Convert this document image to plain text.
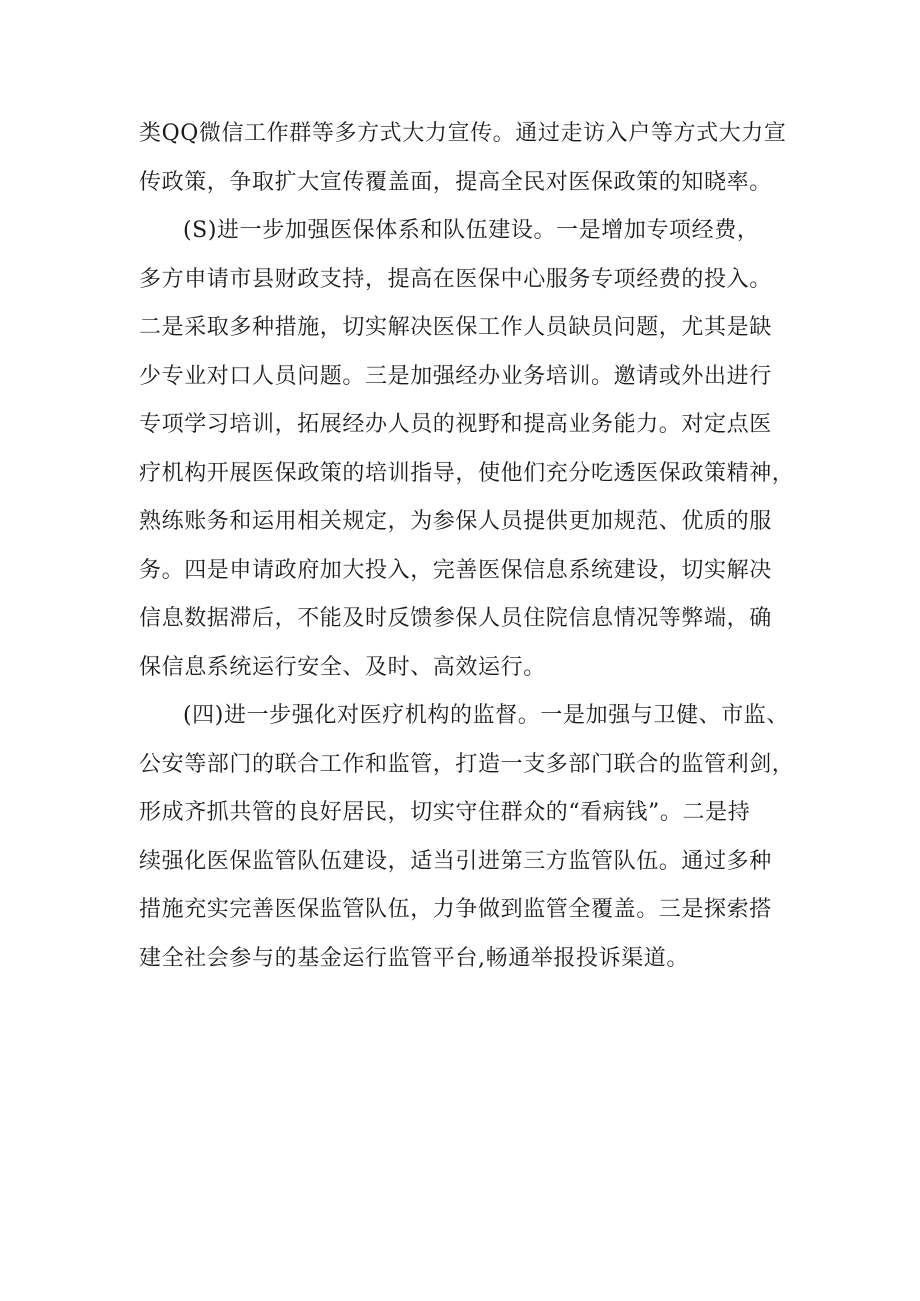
类QQ微信工作群等多方式大力宣传。通过走访入户等方式大力宣
传政策，争取扩大宣传覆盖面，提高全民对医保政策的知晓率。
(S)进一步加强医保体系和队伍建设。一是增加专项经费，
多方申请市县财政支持，提高在医保中心服务专项经费的投入。
二是采取多种措施，切实解决医保工作人员缺员问题，尤其是缺
少专业对口人员问题。三是加强经办业务培训。邀请或外出进行
专项学习培训，拓展经办人员的视野和提高业务能力。对定点医
疗机构开展医保政策的培训指导，使他们充分吃透医保政策精神，
熟练账务和运用相关规定，为参保人员提供更加规范、优质的服
务。四是申请政府加大投入，完善医保信息系统建设，切实解决
信息数据滞后，不能及时反馈参保人员住院信息情况等弊端，确
保信息系统运行安全、及时、高效运行。
(四)进一步强化对医疗机构的监督。一是加强与卫健、市监、
公安等部门的联合工作和监管，打造一支多部门联合的监管利剑，
形成齐抓共管的良好居民，切实守住群众的“看病钱”。二是持
续强化医保监管队伍建设，适当引进第三方监管队伍。通过多种
措施充实完善医保监管队伍，力争做到监管全覆盖。三是探索搭
建全社会参与的基金运行监管平台,畅通举报投诉渠道。
